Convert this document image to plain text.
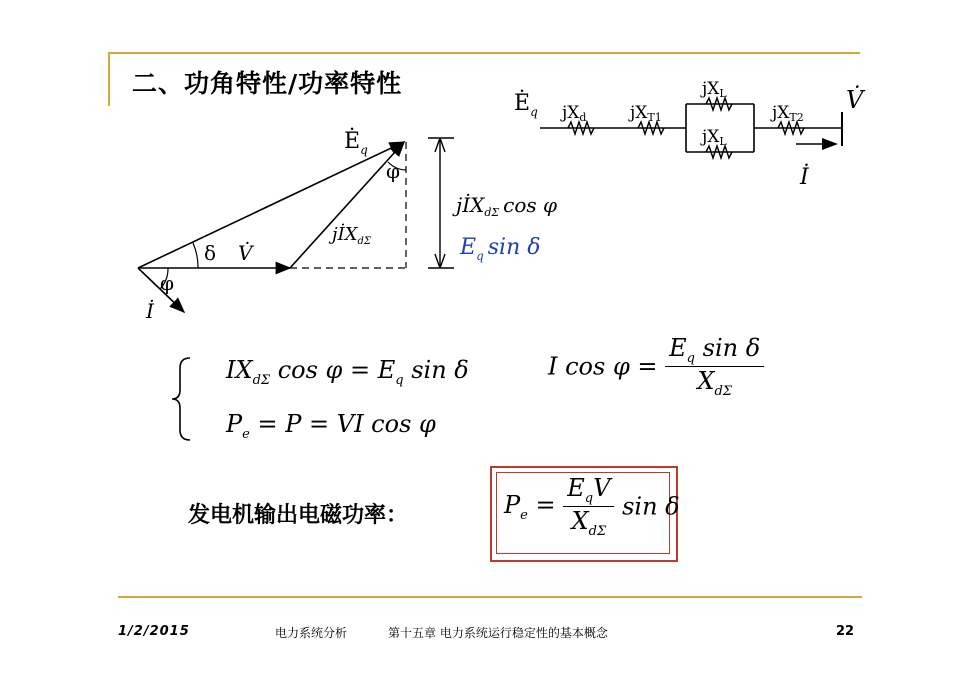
二、功角特性/功率特性
$Ė_q$
φ
δ V̇
jİX$_{d\Sigma}$
φ
İ
jİX$_{d\Sigma}$ cos φ
$E_q$ sin δ
$Ė_q$ jXd	jXT1
jXL
jXL
jXT2
V̇
İ
$IX_{d\Sigma}$ $\cos \varphi = E_q$ sin δ
$P_e = P$ = VI cos φ
I $\cos \varphi = \frac{E_q \sin \delta}{X_{d\Sigma}}$
发电机输出电磁功率：	$P_e = \frac{E_qV}{X_{d\Sigma}}$ sin δ
1/2/2015	电力系统分析	第十五章 电力系统运行稳定性的基本概念	22
